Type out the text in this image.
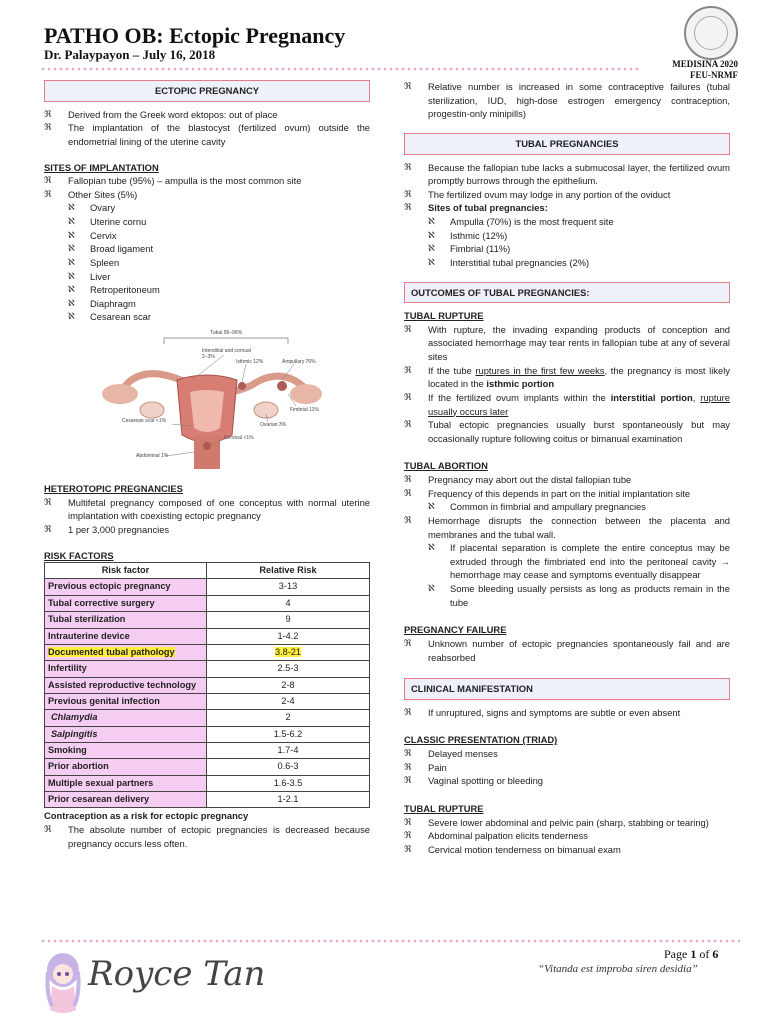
PATHO OB: Ectopic Pregnancy
Dr. Palaypayon – July 16, 2018
MEDISINA 2020
FEU-NRMF
ECTOPIC PREGNANCY
ℜ Derived from the Greek word ektopos: out of place
ℜ The implantation of the blastocyst (fertilized ovum) outside the endometrial lining of the uterine cavity
SITES OF IMPLANTATION
ℜ Fallopian tube (95%) – ampulla is the most common site
ℜ Other Sites (5%)
ℵ Ovary
ℵ Uterine cornu
ℵ Cervix
ℵ Broad ligament
ℵ Spleen
ℵ Liver
ℵ Retroperitoneum
ℵ Diaphragm
ℵ Cesarean scar
Tubal 95–96%
Interstitial and cornual 2–3%
Isthmic 12%	Ampullary 70%
Cesarean scar <1%
Fimbrial 11%
Ovarian 3%
Cervical <1%
Abdominal 1%
HETEROTOPIC PREGNANCIES
ℜ Multifetal pregnancy composed of one conceptus with normal uterine implantation with coexisting ectopic pregnancy
ℜ 1 per 3,000 pregnancies
RISK FACTORS
Risk factor	Relative Risk
Previous ectopic pregnancy	3-13
Tubal corrective surgery	4
Tubal sterilization	9
Intrauterine device	1-4.2
Documented tubal pathology	3.8-21
Infertility	2.5-3
Assisted reproductive technology	2-8
Previous genital infection	2-4
Chlamydia	2
Salpingitis	1.5-6.2
Smoking	1.7-4
Prior abortion	0.6-3
Multiple sexual partners	1.6-3.5
Prior cesarean delivery	1-2.1
Contraception as a risk for ectopic pregnancy
ℜ The absolute number of ectopic pregnancies is decreased because pregnancy occurs less often.
ℜ Relative number is increased in some contraceptive failures (tubal sterilization, IUD, high-dose estrogen emergency contraception, progestin-only minipills)
TUBAL PREGNANCIES
ℜ Because the fallopian tube lacks a submucosal layer, the fertilized ovum promptly burrows through the epithelium.
ℜ The fertilized ovum may lodge in any portion of the oviduct
ℜ Sites of tubal pregnancies:
ℵ Ampulla (70%) is the most frequent site
ℵ Isthmic (12%)
ℵ Fimbrial (11%)
ℵ Interstitial tubal pregnancies (2%)
OUTCOMES OF TUBAL PREGNANCIES:
TUBAL RUPTURE
ℜ With rupture, the invading expanding products of conception and associated hemorrhage may tear rents in fallopian tube at any of several sites
ℜ If the tube ruptures in the first few weeks, the pregnancy is most likely located in the isthmic portion
ℜ If the fertilized ovum implants within the interstitial portion, rupture usually occurs later
ℜ Tubal ectopic pregnancies usually burst spontaneously but may occasionally rupture following coitus or bimanual examination
TUBAL ABORTION
ℜ Pregnancy may abort out the distal fallopian tube
ℜ Frequency of this depends in part on the initial implantation site
ℵ Common in fimbrial and ampullary pregnancies
ℜ Hemorrhage disrupts the connection between the placenta and membranes and the tubal wall.
ℵ If placental separation is complete the entire conceptus may be extruded through the fimbriated end into the peritoneal cavity → hemorrhage may cease and symptoms eventually disappear
ℵ Some bleeding usually persists as long as products remain in the tube
PREGNANCY FAILURE
ℜ Unknown number of ectopic pregnancies spontaneously fail and are reabsorbed
CLINICAL MANIFESTATION
ℜ If unruptured, signs and symptoms are subtle or even absent
CLASSIC PRESENTATION (TRIAD)
ℜ Delayed menses
ℜ Pain
ℜ Vaginal spotting or bleeding
TUBAL RUPTURE
ℜ Severe lower abdominal and pelvic pain (sharp, stabbing or tearing)
ℜ Abdominal palpation elicits tenderness
ℜ Cervical motion tenderness on bimanual exam
Royce Tan	Page 1 of 6
“Vitanda est improba siren desidia”
